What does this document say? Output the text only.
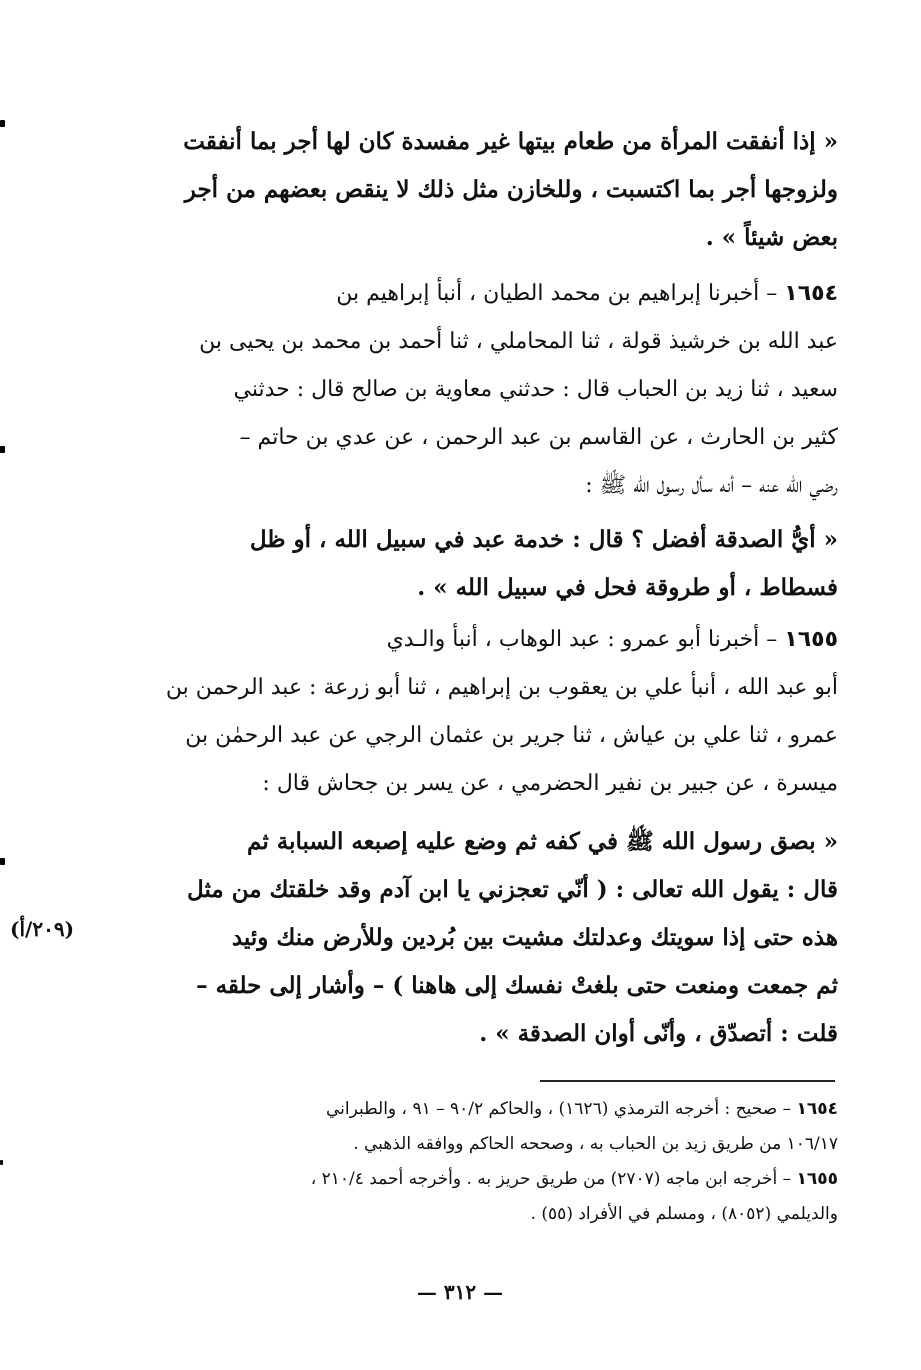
« إذا أنفقت المرأة من طعام بيتها غير مفسدة كان لها أجر بما أنفقت
ولزوجها أجر بما اكتسبت ، وللخازن مثل ذلك لا ينقص بعضهم من أجر
بعض شيئاً » .
١٦٥٤ – أخبرنا إبراهيم بن محمد الطيان ، أنبأ إبراهيم بن
عبد الله بن خرشيذ قولة ، ثنا المحاملي ، ثنا أحمد بن محمد بن يحيى بن
سعيد ، ثنا زيد بن الحباب قال : حدثني معاوية بن صالح قال : حدثني
كثير بن الحارث ، عن القاسم بن عبد الرحمن ، عن عدي بن حاتم –
رضي الله عنه – أنه سأل رسول الله ﷺ :
« أيُّ الصدقة أفضل ؟ قال : خدمة عبد في سبيل الله ، أو ظل
فسطاط ، أو طروقة فحل في سبيل الله » .
١٦٥٥ – أخبرنا أبو عمرو : عبد الوهاب ، أنبأ والـدي
أبو عبد الله ، أنبأ علي بن يعقوب بن إبراهيم ، ثنا أبو زرعة : عبد الرحمن بن
عمرو ، ثنا علي بن عياش ، ثنا جرير بن عثمان الرجي عن عبد الرحمٰن بن
ميسرة ، عن جبير بن نفير الحضرمي ، عن يسر بن جحاش قال :
« بصق رسول الله ﷺ في كفه ثم وضع عليه إصبعه السبابة ثم
قال : يقول الله تعالى : ( أنّي تعجزني يا ابن آدم وقد خلقتك من مثل
هذه حتى إذا سويتك وعدلتك مشيت بين بُردين وللأرض منك وئيد
ثم جمعت ومنعت حتى بلغتْ نفسك إلى هاهنا ) – وأشار إلى حلقه –
قلت : أتصدّق ، وأنّى أوان الصدقة » .
(٢٠٩/أ)
١٦٥٤ – صحيح : أخرجه الترمذي (١٦٢٦) ، والحاكم ٩٠/٢ – ٩١ ، والطبراني
١٠٦/١٧ من طريق زيد بن الحباب به ، وصححه الحاكم ووافقه الذهبي .
١٦٥٥ – أخرجه ابن ماجه (٢٧٠٧) من طريق حريز به . وأخرجه أحمد ٢١٠/٤ ،
والديلمي (٨٠٥٢) ، ومسلم في الأفراد (٥٥) .
— ٣١٢ —
